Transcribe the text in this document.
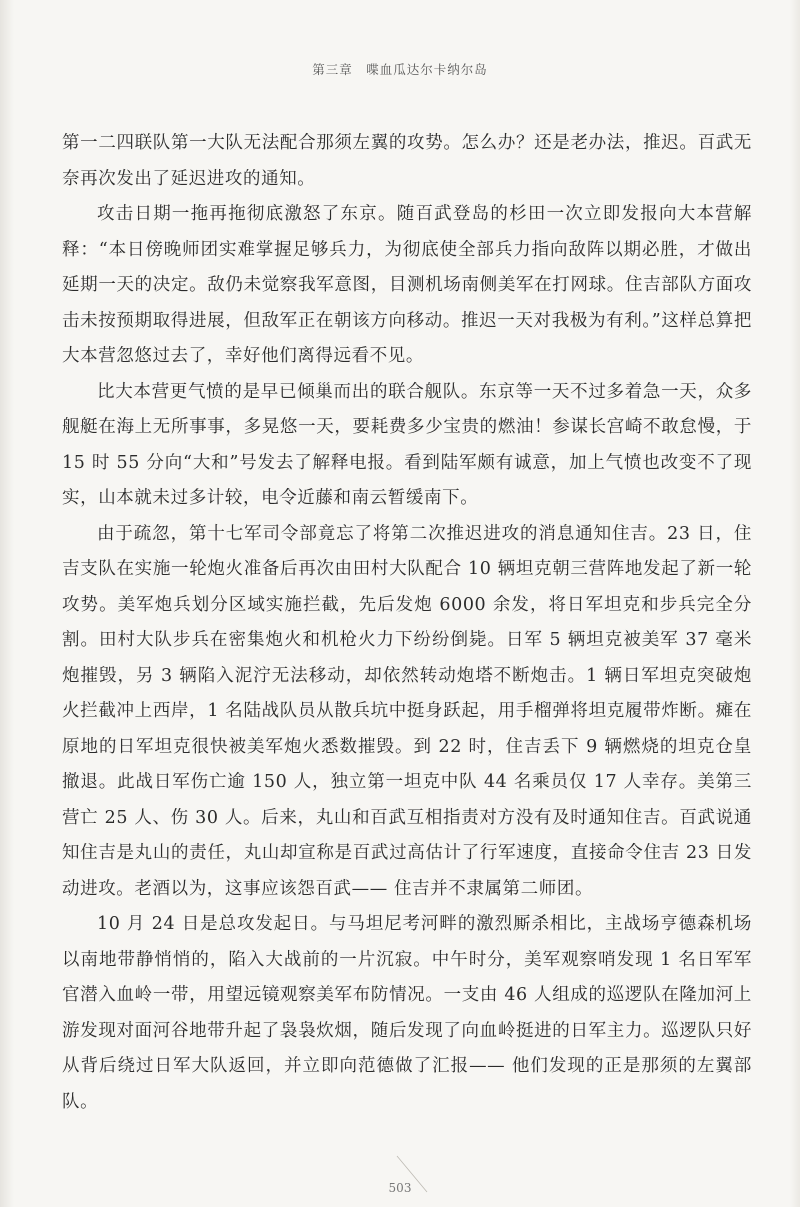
第三章　喋血瓜达尔卡纳尔岛

第一二四联队第一大队无法配合那须左翼的攻势。怎么办？还是老办法，推迟。百武无奈再次发出了延迟进攻的通知。

攻击日期一拖再拖彻底激怒了东京。随百武登岛的杉田一次立即发报向大本营解释：“本日傍晚师团实难掌握足够兵力，为彻底使全部兵力指向敌阵以期必胜，才做出延期一天的决定。敌仍未觉察我军意图，目测机场南侧美军在打网球。住吉部队方面攻击未按预期取得进展，但敌军正在朝该方向移动。推迟一天对我极为有利。”这样总算把大本营忽悠过去了，幸好他们离得远看不见。

比大本营更气愤的是早已倾巢而出的联合舰队。东京等一天不过多着急一天，众多舰艇在海上无所事事，多晃悠一天，要耗费多少宝贵的燃油！参谋长宫崎不敢怠慢，于 15 时 55 分向“大和”号发去了解释电报。看到陆军颇有诚意，加上气愤也改变不了现实，山本就未过多计较，电令近藤和南云暂缓南下。

由于疏忽，第十七军司令部竟忘了将第二次推迟进攻的消息通知住吉。23 日，住吉支队在实施一轮炮火准备后再次由田村大队配合 10 辆坦克朝三营阵地发起了新一轮攻势。美军炮兵划分区域实施拦截，先后发炮 6000 余发，将日军坦克和步兵完全分割。田村大队步兵在密集炮火和机枪火力下纷纷倒毙。日军 5 辆坦克被美军 37 毫米炮摧毁，另 3 辆陷入泥泞无法移动，却依然转动炮塔不断炮击。1 辆日军坦克突破炮火拦截冲上西岸，1 名陆战队员从散兵坑中挺身跃起，用手榴弹将坦克履带炸断。瘫在原地的日军坦克很快被美军炮火悉数摧毁。到 22 时，住吉丢下 9 辆燃烧的坦克仓皇撤退。此战日军伤亡逾 150 人，独立第一坦克中队 44 名乘员仅 17 人幸存。美第三营亡 25 人、伤 30 人。后来，丸山和百武互相指责对方没有及时通知住吉。百武说通知住吉是丸山的责任，丸山却宣称是百武过高估计了行军速度，直接命令住吉 23 日发动进攻。老酒以为，这事应该怨百武—— 住吉并不隶属第二师团。

10 月 24 日是总攻发起日。与马坦尼考河畔的激烈厮杀相比，主战场亨德森机场以南地带静悄悄的，陷入大战前的一片沉寂。中午时分，美军观察哨发现 1 名日军军官潜入血岭一带，用望远镜观察美军布防情况。一支由 46 人组成的巡逻队在隆加河上游发现对面河谷地带升起了袅袅炊烟，随后发现了向血岭挺进的日军主力。巡逻队只好从背后绕过日军大队返回，并立即向范德做了汇报—— 他们发现的正是那须的左翼部队。

503
